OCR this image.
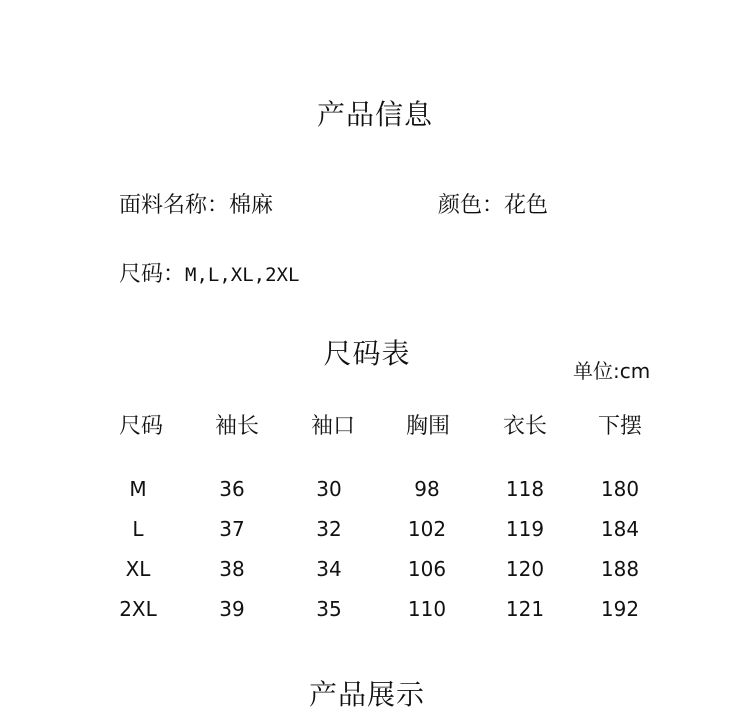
产品信息
面料名称：棉麻	颜色：花色
尺码：M,L,XL,2XL
尺码表
单位:cm
尺码	袖长	袖口	胸围	衣长	下摆
M	36	30	98	118	180
L	37	32	102	119	184
XL	38	34	106	120	188
2XL	39	35	110	121	192
产品展示
